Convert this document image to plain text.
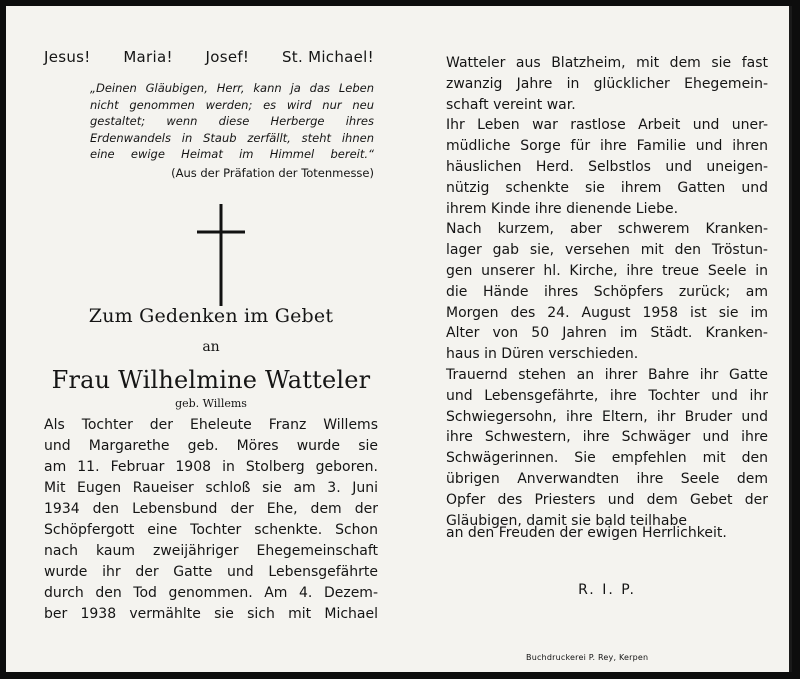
Jesus! Maria! Josef! St. Michael!

„Deinen Gläubigen, Herr, kann ja das Leben

nicht genommen werden; es wird nur neu

gestaltet; wenn diese Herberge ihres

Erdenwandels in Staub zerfällt, steht ihnen

eine ewige Heimat im Himmel bereit.“

(Aus der Präfation der Totenmesse)
Zum Gedenken im Gebet
an
Frau Wilhelmine Watteler
geb. Willems
Als Tochter der Eheleute Franz Willems
und Margarethe geb. Möres wurde sie
am 11. Februar 1908 in Stolberg geboren.
Mit Eugen Raueiser schloß sie am 3. Juni
1934 den Lebensbund der Ehe, dem der
Schöpfergott eine Tochter schenkte. Schon
nach kaum zweijähriger Ehegemeinschaft
wurde ihr der Gatte und Lebensgefährte
durch den Tod genommen. Am 4. Dezem-
ber 1938 vermählte sie sich mit Michael
Watteler aus Blatzheim, mit dem sie fast
zwanzig Jahre in glücklicher Ehegemein-
schaft vereint war.
Ihr Leben war rastlose Arbeit und uner-
müdliche Sorge für ihre Familie und ihren
häuslichen Herd. Selbstlos und uneigen-
nützig schenkte sie ihrem Gatten und
ihrem Kinde ihre dienende Liebe.
Nach kurzem, aber schwerem Kranken-
lager gab sie, versehen mit den Tröstun-
gen unserer hl. Kirche, ihre treue Seele in
die Hände ihres Schöpfers zurück; am
Morgen des 24. August 1958 ist sie im
Alter von 50 Jahren im Städt. Kranken-
haus in Düren verschieden.
Trauernd stehen an ihrer Bahre ihr Gatte
und Lebensgefährte, ihre Tochter und ihr
Schwiegersohn, ihre Eltern, ihr Bruder und
ihre Schwestern, ihre Schwäger und ihre
Schwägerinnen. Sie empfehlen mit den
übrigen Anverwandten ihre Seele dem
Opfer des Priesters und dem Gebet der
Gläubigen, damit sie bald teilhabe
an den Freuden der ewigen Herrlichkeit.
R. I. P.
Buchdruckerei P. Rey, Kerpen
